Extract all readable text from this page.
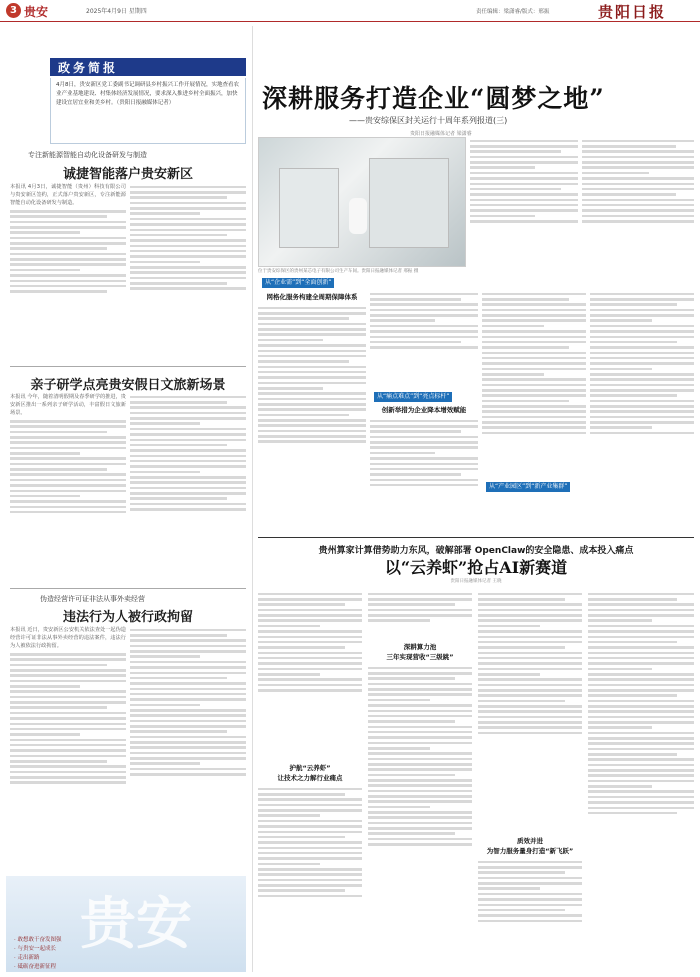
3 贵安	2025年4月9日 星期四	责任编辑：梁潇睿/版式：邢振	贵阳日报
政务简报
4月8日，贵安新区党工委副书记调研县乡村振兴工作开展情况，实地查看农业产业基地建设、村集体经济发展情况，要求深入推进乡村全面振兴，加快建设宜居宜业和美乡村。（贵阳日报融媒体记者）
专注新能源智能自动化设备研发与制造
诚捷智能落户贵安新区
本报讯 4月3日，诚捷智能（贵州）科技有限公司与贵安新区签约，正式落户贵安新区，专注新能源智能自动化设备研发与制造。
亲子研学点亮贵安假日文旅新场景
本报讯 今年，随着清明假期及春季研学的推进，贵安新区推出一系列亲子研学活动，丰富假日文旅新场景。
伪造经营许可证非法从事外卖经营
违法行为人被行政拘留
本报讯 近日，贵安新区公安机关依法查处一起伪造经营许可证非法从事外卖经营的违法案件，违法行为人被依法行政拘留。
贵安
· 敢想敢干奋发图强
· 与贵安一起成长
· 走出新路
· 砥砺奋进新征程
深耕服务打造企业“圆梦之地”
——贵安综保区封关运行十周年系列报道(三)
贵阳日报融媒体记者 梁潇睿
位于贵安综保区的贵州某芯电子有限公司生产车间。贵阳日报融媒体记者 邢振 摄
从“企业需”到“全面创新”
网格化服务构建全周期保障体系
从“痛点难点”到“亮点标杆”
创新举措为企业降本增效赋能
从“产业园区”到“新产业集群”
贵州算家计算借势助力东风，破解部署 OpenClaw的安全隐患、成本投入痛点
以“云养虾”抢占AI新赛道
贵阳日报融媒体记者 王晓
护航“云养虾”
让技术之力解行业痛点
深耕算力池
三年实现营收“三级跳”
质效并进
为智力服务量身打造“新飞跃”
